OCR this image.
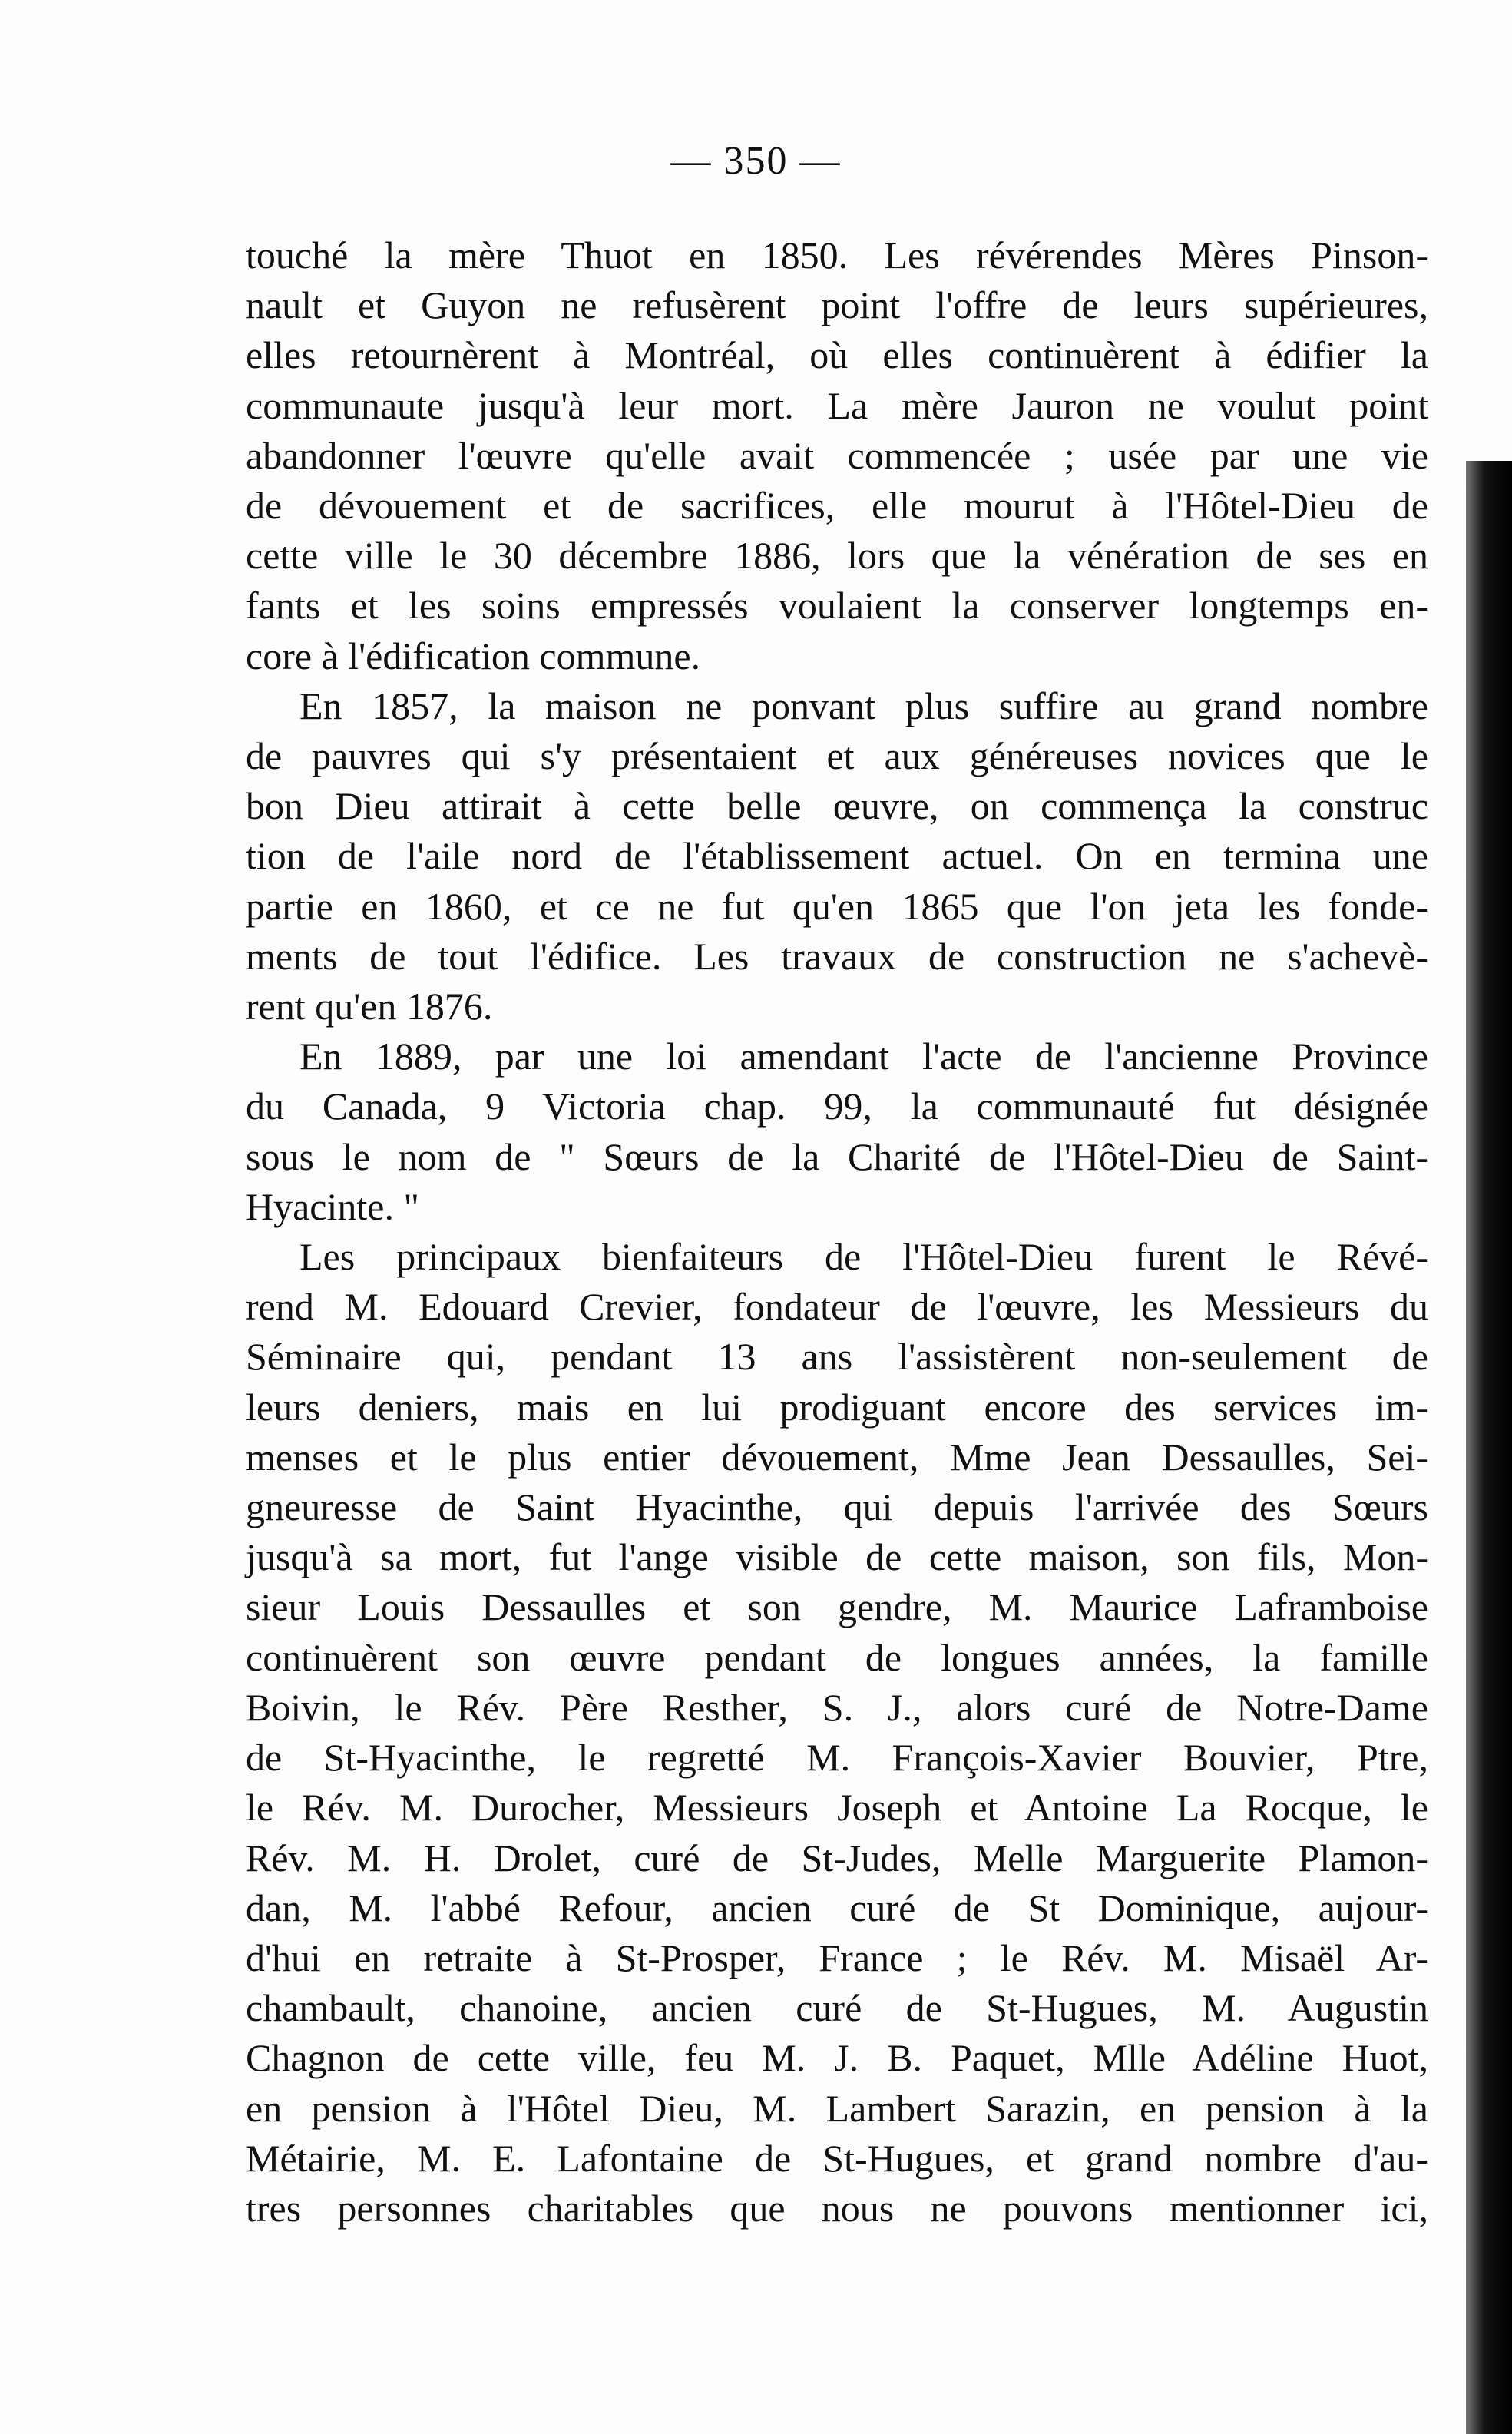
— 350 —
touché la mère Thuot en 1850. Les révérendes Mères Pinson-
nault et Guyon ne refusèrent point l'offre de leurs supérieures,
elles retournèrent à Montréal, où elles continuèrent à édifier la
communaute jusqu'à leur mort. La mère Jauron ne voulut point
abandonner l'œuvre qu'elle avait commencée ; usée par une vie
de dévouement et de sacrifices, elle mourut à l'Hôtel-Dieu de
cette ville le 30 décembre 1886, lors que la vénération de ses en
fants et les soins empressés voulaient la conserver longtemps en-
core à l'édification commune.
En 1857, la maison ne ponvant plus suffire au grand nombre
de pauvres qui s'y présentaient et aux généreuses novices que le
bon Dieu attirait à cette belle œuvre, on commença la construc
tion de l'aile nord de l'établissement actuel. On en termina une
partie en 1860, et ce ne fut qu'en 1865 que l'on jeta les fonde-
ments de tout l'édifice. Les travaux de construction ne s'achevè-
rent qu'en 1876.
En 1889, par une loi amendant l'acte de l'ancienne Province
du Canada, 9 Victoria chap. 99, la communauté fut désignée
sous le nom de " Sœurs de la Charité de l'Hôtel-Dieu de Saint-
Hyacinte. "
Les principaux bienfaiteurs de l'Hôtel-Dieu furent le Révé-
rend M. Edouard Crevier, fondateur de l'œuvre, les Messieurs du
Séminaire qui, pendant 13 ans l'assistèrent non-seulement de
leurs deniers, mais en lui prodiguant encore des services im-
menses et le plus entier dévouement, Mme Jean Dessaulles, Sei-
gneuresse de Saint Hyacinthe, qui depuis l'arrivée des Sœurs
jusqu'à sa mort, fut l'ange visible de cette maison, son fils, Mon-
sieur Louis Dessaulles et son gendre, M. Maurice Laframboise
continuèrent son œuvre pendant de longues années, la famille
Boivin, le Rév. Père Resther, S. J., alors curé de Notre-Dame
de St-Hyacinthe, le regretté M. François-Xavier Bouvier, Ptre,
le Rév. M. Durocher, Messieurs Joseph et Antoine La Rocque, le
Rév. M. H. Drolet, curé de St-Judes, Melle Marguerite Plamon-
dan, M. l'abbé Refour, ancien curé de St Dominique, aujour-
d'hui en retraite à St-Prosper, France ; le Rév. M. Misaël Ar-
chambault, chanoine, ancien curé de St-Hugues, M. Augustin
Chagnon de cette ville, feu M. J. B. Paquet, Mlle Adéline Huot,
en pension à l'Hôtel Dieu, M. Lambert Sarazin, en pension à la
Métairie, M. E. Lafontaine de St-Hugues, et grand nombre d'au-
tres personnes charitables que nous ne pouvons mentionner ici,
